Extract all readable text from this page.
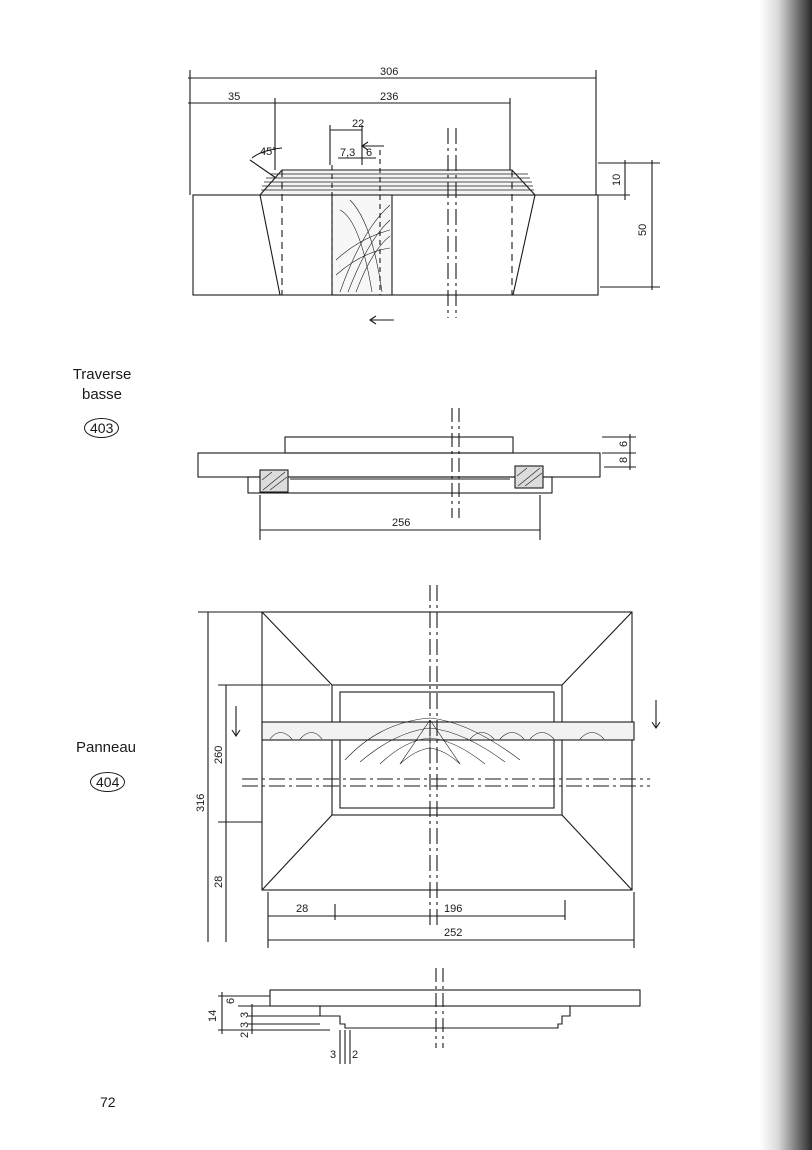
306
35	236
22
7,3 6
45°
10
50
256
8
6
260
316
28
28	196
252
14
6
3
3
2
3 2
Traverse
basse
403
Panneau
404
72
